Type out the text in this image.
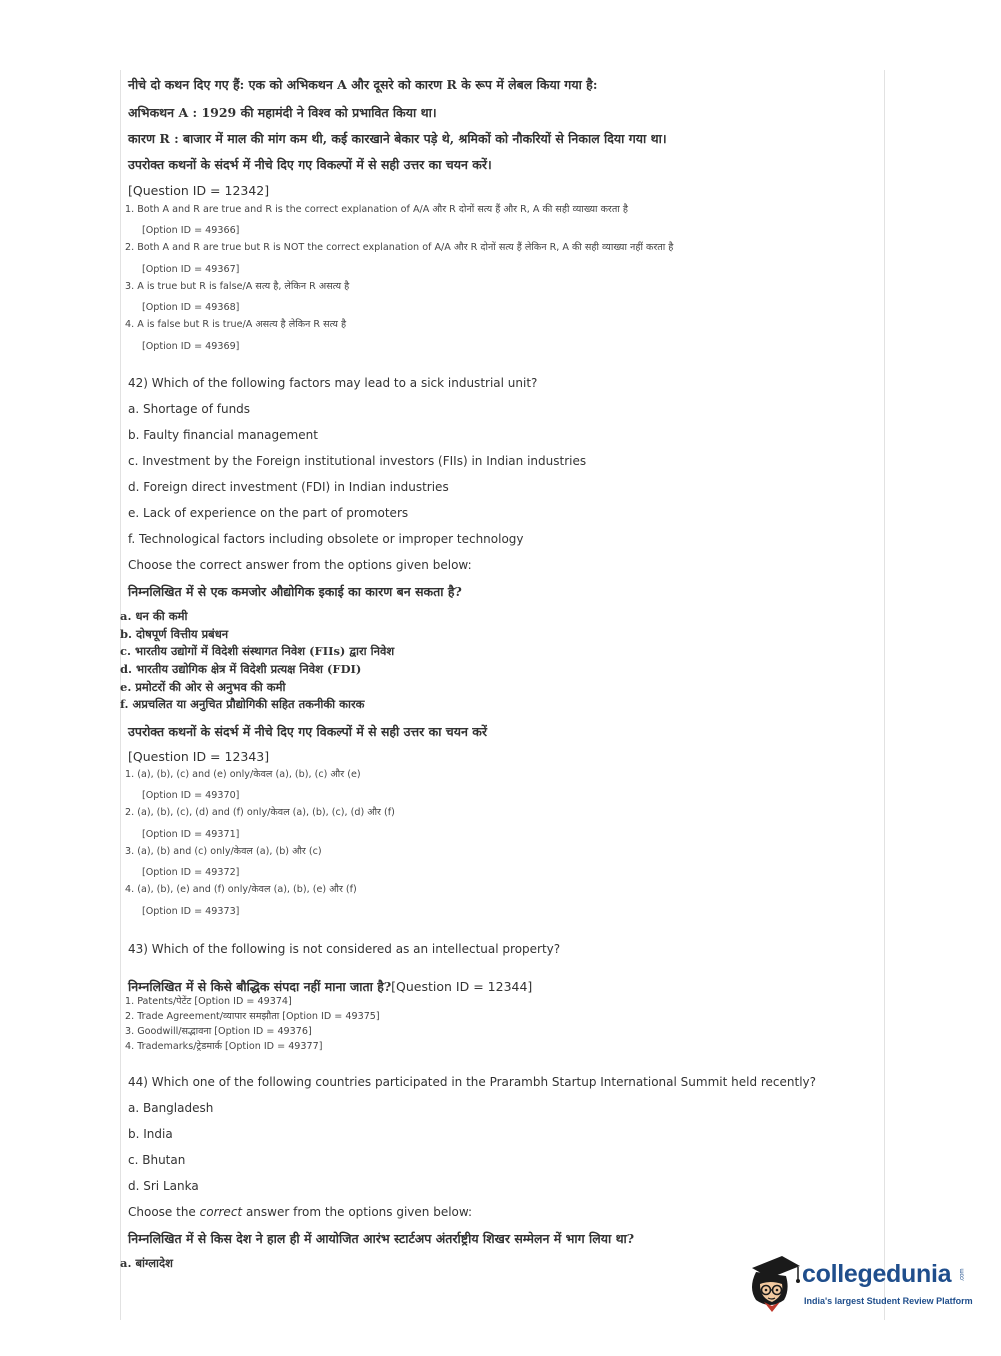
नीचे दो कथन दिए गए हैं: एक को अभिकथन A और दूसरे को कारण R के रूप में लेबल किया गया है:
अभिकथन A : 1929 की महामंदी ने विश्व को प्रभावित किया था।
कारण R : बाजार में माल की मांग कम थी, कई कारखाने बेकार पड़े थे, श्रमिकों को नौकरियों से निकाल दिया गया था।
उपरोक्त कथनों के संदर्भ में नीचे दिए गए विकल्पों में से सही उत्तर का चयन करें।
[Question ID = 12342]
1. Both A and R are true and R is the correct explanation of A/A और R दोनों सत्य हैं और R, A की सही व्याख्या करता है
[Option ID = 49366]
2. Both A and R are true but R is NOT the correct explanation of A/A और R दोनों सत्य हैं लेकिन R, A की सही व्याख्या नहीं करता है
[Option ID = 49367]
3. A is true but R is false/A सत्य है, लेकिन R असत्य है
[Option ID = 49368]
4. A is false but R is true/A असत्य है लेकिन R सत्य है
[Option ID = 49369]
42) Which of the following factors may lead to a sick industrial unit?
a. Shortage of funds
b. Faulty financial management
c. Investment by the Foreign institutional investors (FIIs) in Indian industries
d. Foreign direct investment (FDI) in Indian industries
e. Lack of experience on the part of promoters
f. Technological factors including obsolete or improper technology
Choose the correct answer from the options given below:
निम्नलिखित में से एक कमजोर औद्योगिक इकाई का कारण बन सकता है?
a. धन की कमी
b. दोषपूर्ण वित्तीय प्रबंधन
c. भारतीय उद्योगों में विदेशी संस्थागत निवेश (FIIs) द्वारा निवेश
d. भारतीय उद्योगिक क्षेत्र में विदेशी प्रत्यक्ष निवेश (FDI)
e. प्रमोटरों की ओर से अनुभव की कमी
f. अप्रचलित या अनुचित प्रौद्योगिकी सहित तकनीकी कारक
उपरोक्त कथनों के संदर्भ में नीचे दिए गए विकल्पों में से सही उत्तर का चयन करें
[Question ID = 12343]
1. (a), (b), (c) and (e) only/केवल (a), (b), (c) और (e)
[Option ID = 49370]
2. (a), (b), (c), (d) and (f) only/केवल (a), (b), (c), (d) और (f)
[Option ID = 49371]
3. (a), (b) and (c) only/केवल (a), (b) और (c)
[Option ID = 49372]
4. (a), (b), (e) and (f) only/केवल (a), (b), (e) और (f)
[Option ID = 49373]
43) Which of the following is not considered as an intellectual property?
निम्नलिखित में से किसे बौद्धिक संपदा नहीं माना जाता है?[Question ID = 12344]
1. Patents/पेटेंट [Option ID = 49374]
2. Trade Agreement/व्यापार समझौता [Option ID = 49375]
3. Goodwill/सद्भावना [Option ID = 49376]
4. Trademarks/ट्रेडमार्क [Option ID = 49377]
44) Which one of the following countries participated in the Prarambh Startup International Summit held recently?
a. Bangladesh
b. India
c. Bhutan
d. Sri Lanka
Choose the correct answer from the options given below:
निम्नलिखित में से किस देश ने हाल ही में आयोजित आरंभ स्टार्टअप अंतर्राष्ट्रीय शिखर सम्मेलन में भाग लिया था?
a. बांग्लादेश	collegedunia .com
India's largest Student Review Platform
